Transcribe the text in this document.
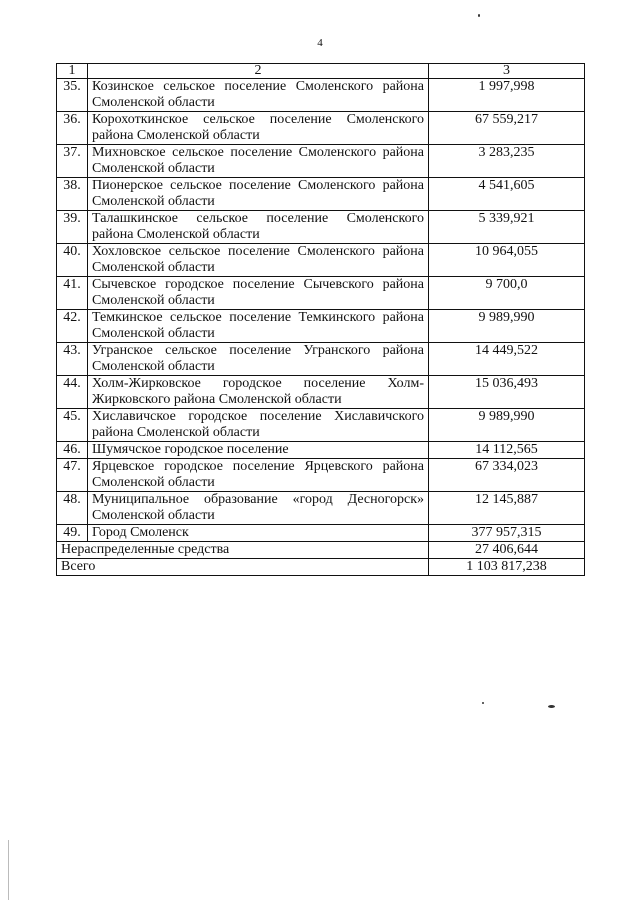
4
1	2	3
35.	Козинское сельское поселение Смоленского района Смоленской области	1 997,998
36.	Корохоткинское сельское поселение Смоленского района Смоленской области	67 559,217
37.	Михновское сельское поселение Смоленского района Смоленской области	3 283,235
38.	Пионерское сельское поселение Смоленского района Смоленской области	4 541,605
39.	Талашкинское сельское поселение Смоленского района Смоленской области	5 339,921
40.	Хохловское сельское поселение Смоленского района Смоленской области	10 964,055
41.	Сычевское городское поселение Сычевского района Смоленской области	9 700,0
42.	Темкинское сельское поселение Темкинского района Смоленской области	9 989,990
43.	Угранское сельское поселение Угранского района Смоленской области	14 449,522
44.	Холм-Жирковское городское поселение Холм-Жирковского района Смоленской области	15 036,493
45.	Хиславичское городское поселение Хиславичского района Смоленской области	9 989,990
46.	Шумячское городское поселение	14 112,565
47.	Ярцевское городское поселение Ярцевского района Смоленской области	67 334,023
48.	Муниципальное образование «город Десногорск» Смоленской области	12 145,887
49.	Город Смоленск	377 957,315
Нераспределенные средства		27 406,644
Всего		1 103 817,238
